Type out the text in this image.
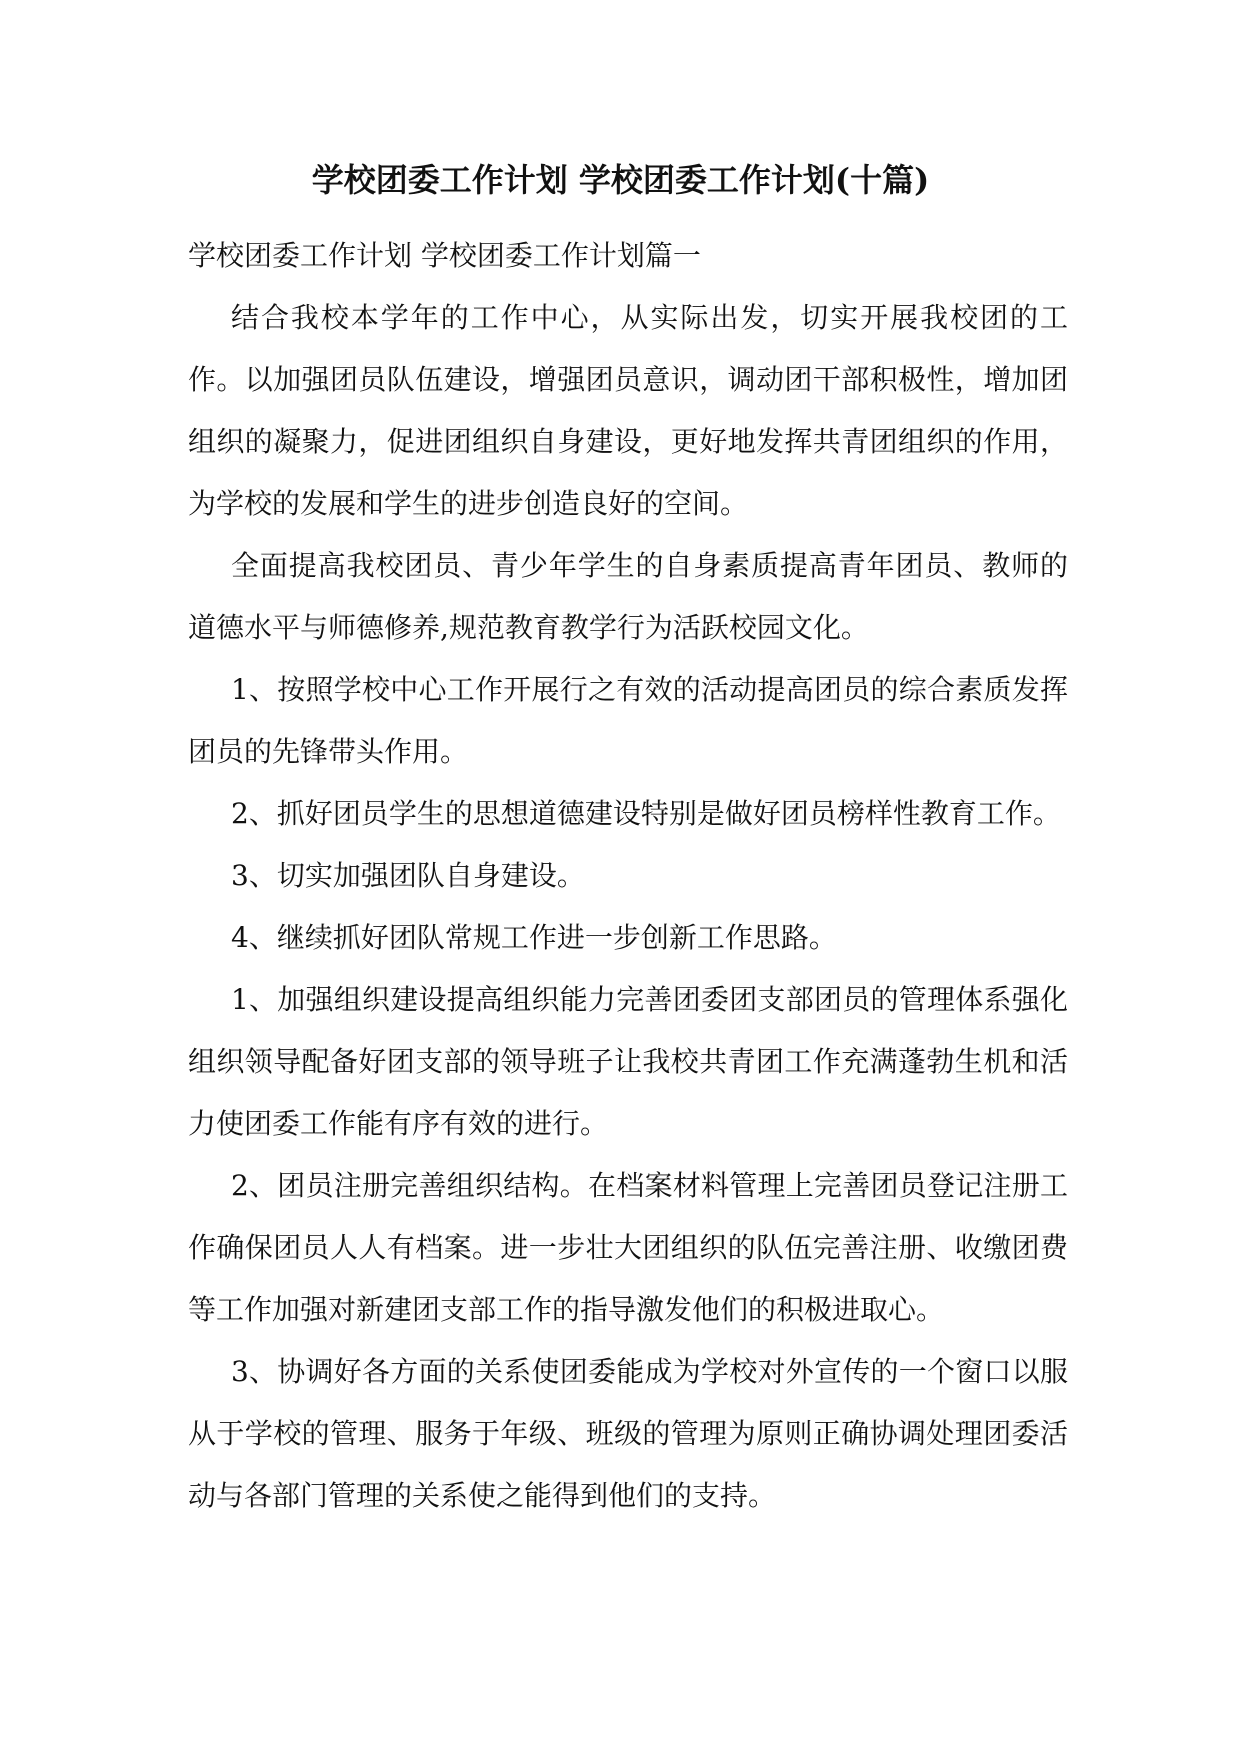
学校团委工作计划 学校团委工作计划(十篇)

学校团委工作计划 学校团委工作计划篇一

结合我校本学年的工作中心，从实际出发，切实开展我校团的工作。以加强团员队伍建设，增强团员意识，调动团干部积极性，增加团组织的凝聚力，促进团组织自身建设，更好地发挥共青团组织的作用，为学校的发展和学生的进步创造良好的空间。

全面提高我校团员、青少年学生的自身素质提高青年团员、教师的道德水平与师德修养,规范教育教学行为活跃校园文化。

1、按照学校中心工作开展行之有效的活动提高团员的综合素质发挥团员的先锋带头作用。

2、抓好团员学生的思想道德建设特别是做好团员榜样性教育工作。

3、切实加强团队自身建设。

4、继续抓好团队常规工作进一步创新工作思路。

1、加强组织建设提高组织能力完善团委团支部团员的管理体系强化组织领导配备好团支部的领导班子让我校共青团工作充满蓬勃生机和活力使团委工作能有序有效的进行。

2、团员注册完善组织结构。在档案材料管理上完善团员登记注册工作确保团员人人有档案。进一步壮大团组织的队伍完善注册、收缴团费等工作加强对新建团支部工作的指导激发他们的积极进取心。

3、协调好各方面的关系使团委能成为学校对外宣传的一个窗口以服从于学校的管理、服务于年级、班级的管理为原则正确协调处理团委活动与各部门管理的关系使之能得到他们的支持。
